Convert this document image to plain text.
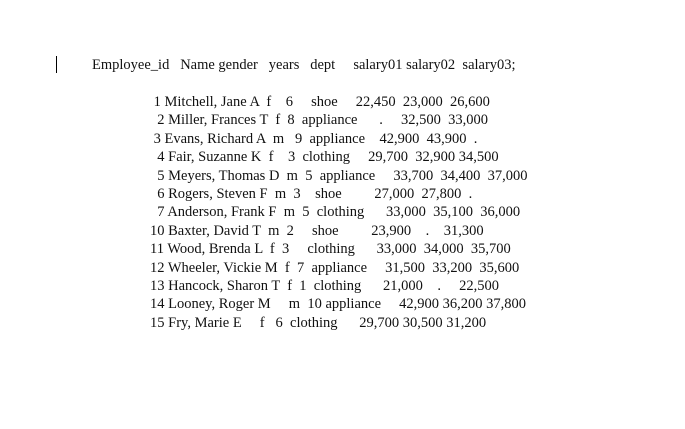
Employee_id   Name gender   years   dept     salary01 salary02  salary03;
1 Mitchell, Jane A  f    6     shoe     22,450  23,000  26,600
2 Miller, Frances T  f  8  appliance      .     32,500  33,000
3 Evans, Richard A  m   9  appliance    42,900  43,900  .
4 Fair, Suzanne K  f    3  clothing     29,700  32,900 34,500
5 Meyers, Thomas D  m  5  appliance     33,700  34,400  37,000
6 Rogers, Steven F  m  3    shoe         27,000  27,800  .
7 Anderson, Frank F  m  5  clothing      33,000  35,100  36,000
10 Baxter, David T  m  2     shoe         23,900    .    31,300
11 Wood, Brenda L  f  3     clothing      33,000  34,000  35,700
12 Wheeler, Vickie M  f  7  appliance     31,500  33,200  35,600
13 Hancock, Sharon T  f  1  clothing      21,000    .     22,500
14 Looney, Roger M     m  10 appliance     42,900 36,200 37,800
15 Fry, Marie E     f   6  clothing      29,700 30,500 31,200
